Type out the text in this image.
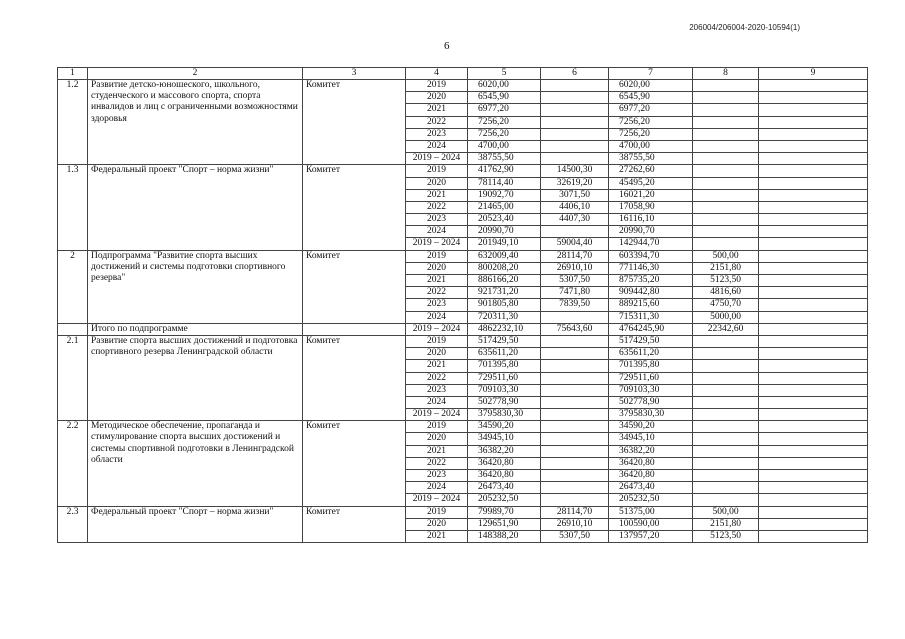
206004/206004-2020-10594(1)
6
1	2	3	4	5	6	7	8	9
1.2	Развитие детско-юношеского, школьного, студенческого и массового спорта, спорта инвалидов и лиц с ограниченными возможностями здоровья	Комитет	2019	6020,00		6020,00		
			2020	6545,90		6545,90		
			2021	6977,20		6977,20		
			2022	7256,20		7256,20		
			2023	7256,20		7256,20		
			2024	4700,00		4700,00		
			2019 – 2024	38755,50		38755,50		
1.3	Федеральный проект "Спорт – норма жизни"	Комитет	2019	41762,90	14500,30	27262,60		
			2020	78114,40	32619,20	45495,20		
			2021	19092,70	3071,50	16021,20		
			2022	21465,00	4406,10	17058,90		
			2023	20523,40	4407,30	16116,10		
			2024	20990,70		20990,70		
			2019 – 2024	201949,10	59004,40	142944,70		
2	Подпрограмма "Развитие спорта высших достижений и системы подготовки спортивного резерва"	Комитет	2019	632009,40	28114,70	603394,70	500,00	
			2020	800208,20	26910,10	771146,30	2151,80	
			2021	886166,20	5307,50	875735,20	5123,50	
			2022	921731,20	7471,80	909442,80	4816,60	
			2023	901805,80	7839,50	889215,60	4750,70	
			2024	720311,30		715311,30	5000,00	
	Итого по подпрограмме		2019 – 2024	4862232,10	75643,60	4764245,90	22342,60	
2.1	Развитие спорта высших достижений и подготовка спортивного резерва Ленинградской области	Комитет	2019	517429,50		517429,50		
			2020	635611,20		635611,20		
			2021	701395,80		701395,80		
			2022	729511,60		729511,60		
			2023	709103,30		709103,30		
			2024	502778,90		502778,90		
			2019 – 2024	3795830,30		3795830,30		
2.2	Методическое обеспечение, пропаганда и стимулирование спорта высших достижений и системы спортивной подготовки в Ленинградской области	Комитет	2019	34590,20		34590,20		
			2020	34945,10		34945,10		
			2021	36382,20		36382,20		
			2022	36420,80		36420,80		
			2023	36420,80		36420,80		
			2024	26473,40		26473,40		
			2019 – 2024	205232,50		205232,50		
2.3	Федеральный проект "Спорт – норма жизни"	Комитет	2019	79989,70	28114,70	51375,00	500,00	
			2020	129651,90	26910,10	100590,00	2151,80	
			2021	148388,20	5307,50	137957,20	5123,50	
